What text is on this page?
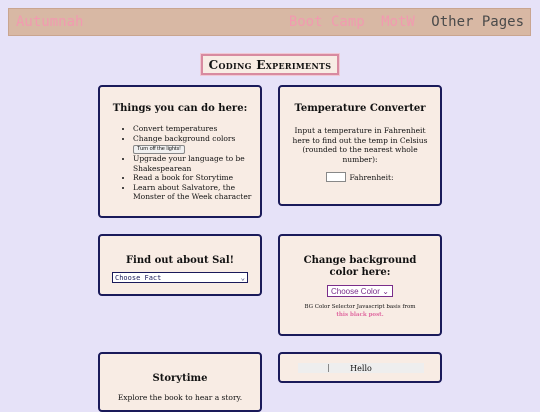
Autumnah	Boot Camp MotW Other Pages
Coding Experiments
Things you can do here:
• Convert temperatures
• Change background colors
Turn off the lights!
• Upgrade your language to be Shakespearean
• Read a book for Storytime
• Learn about Salvatore, the Monster of the Week character
Temperature Converter
Input a temperature in Fahrenheit here to find out the temp in Celsius (rounded to the nearest whole number):
Fahrenheit:
Find out about Sal!
Choose Fact	⌄
Change background color here:
Choose Color ⌄
BG Color Selector Javascript basis from this black post.
Storytime
Explore the book to hear a story.
Hello
